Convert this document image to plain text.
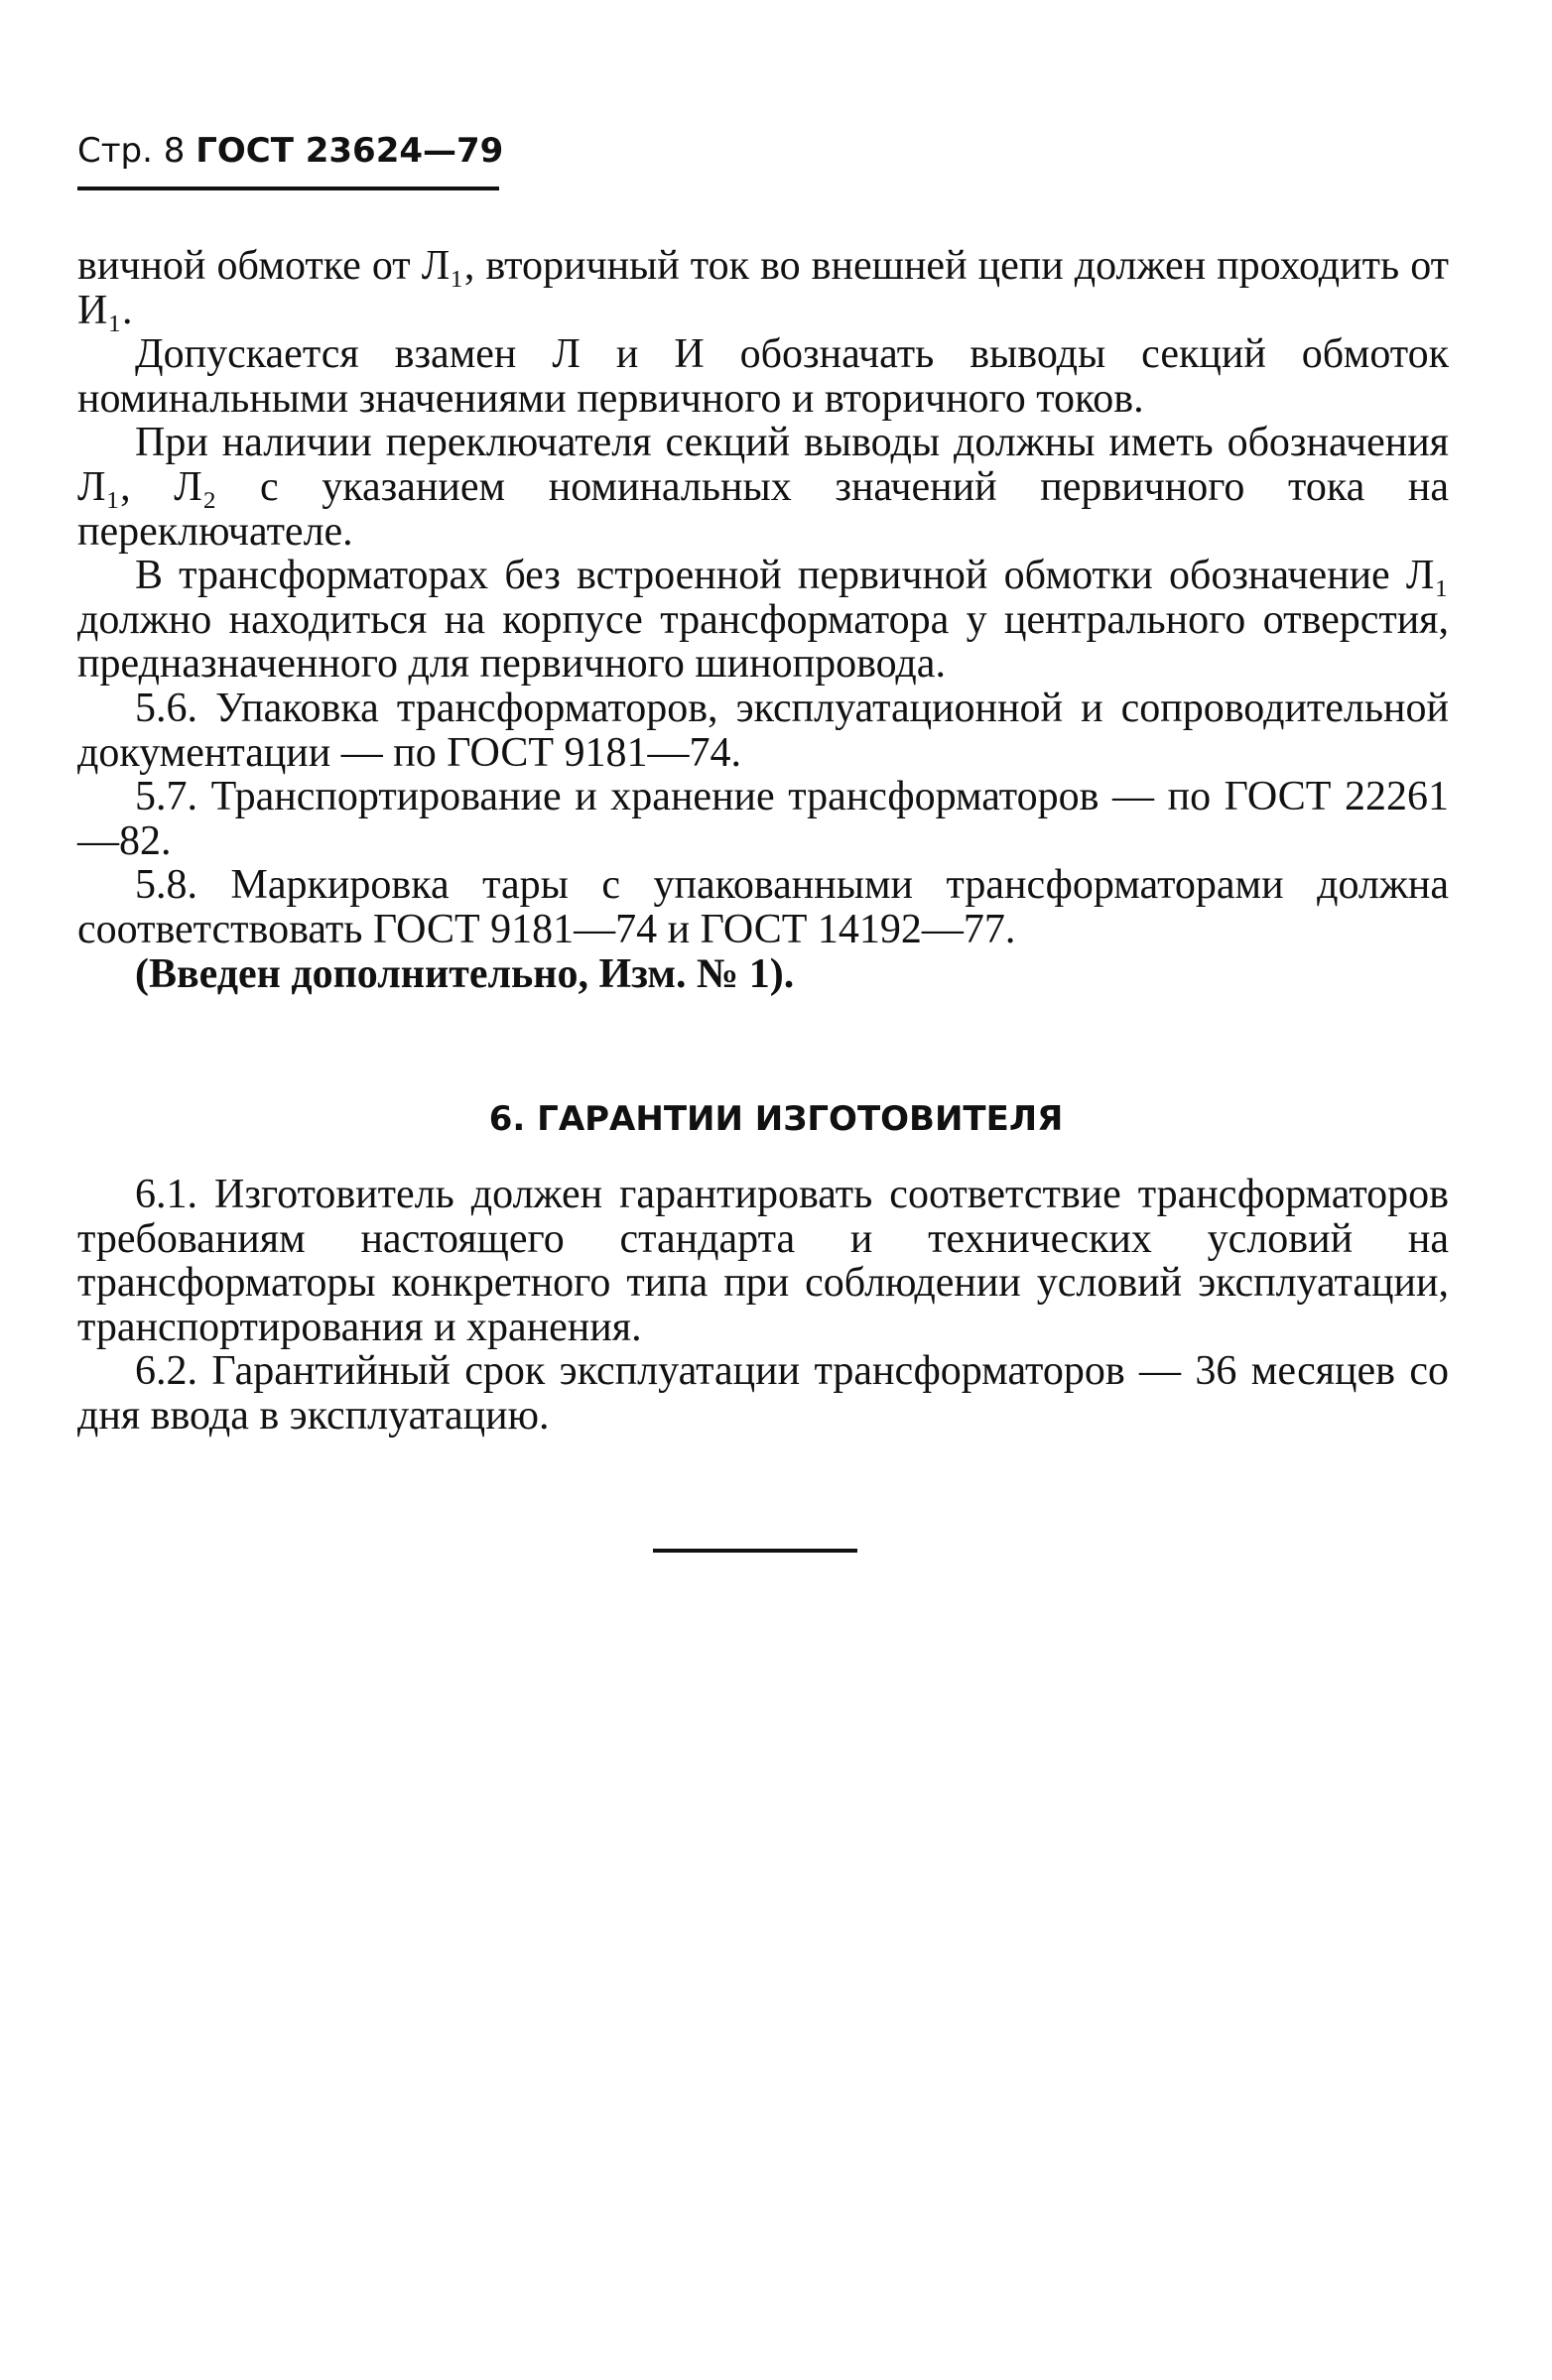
Стр. 8 ГОСТ 23624—79

вичной обмотке от Л₁, вторичный ток во внешней цепи должен проходить от И₁.

Допускается взамен Л и И обозначать выводы секций обмоток номинальными значениями первичного и вторичного токов.

При наличии переключателя секций выводы должны иметь обозначения Л₁, Л₂ с указанием номинальных значений первичного тока на переключателе.

В трансформаторах без встроенной первичной обмотки обозначение Л₁ должно находиться на корпусе трансформатора у центрального отверстия, предназначенного для первичного шинопровода.

5.6. Упаковка трансформаторов, эксплуатационной и сопроводительной документации — по ГОСТ 9181—74.

5.7. Транспортирование и хранение трансформаторов — по ГОСТ 22261—82.

5.8. Маркировка тары с упакованными трансформаторами должна соответствовать ГОСТ 9181—74 и ГОСТ 14192—77.

(Введен дополнительно, Изм. № 1).

6. ГАРАНТИИ ИЗГОТОВИТЕЛЯ

6.1. Изготовитель должен гарантировать соответствие трансформаторов требованиям настоящего стандарта и технических условий на трансформаторы конкретного типа при соблюдении условий эксплуатации, транспортирования и хранения.

6.2. Гарантийный срок эксплуатации трансформаторов — 36 месяцев со дня ввода в эксплуатацию.
